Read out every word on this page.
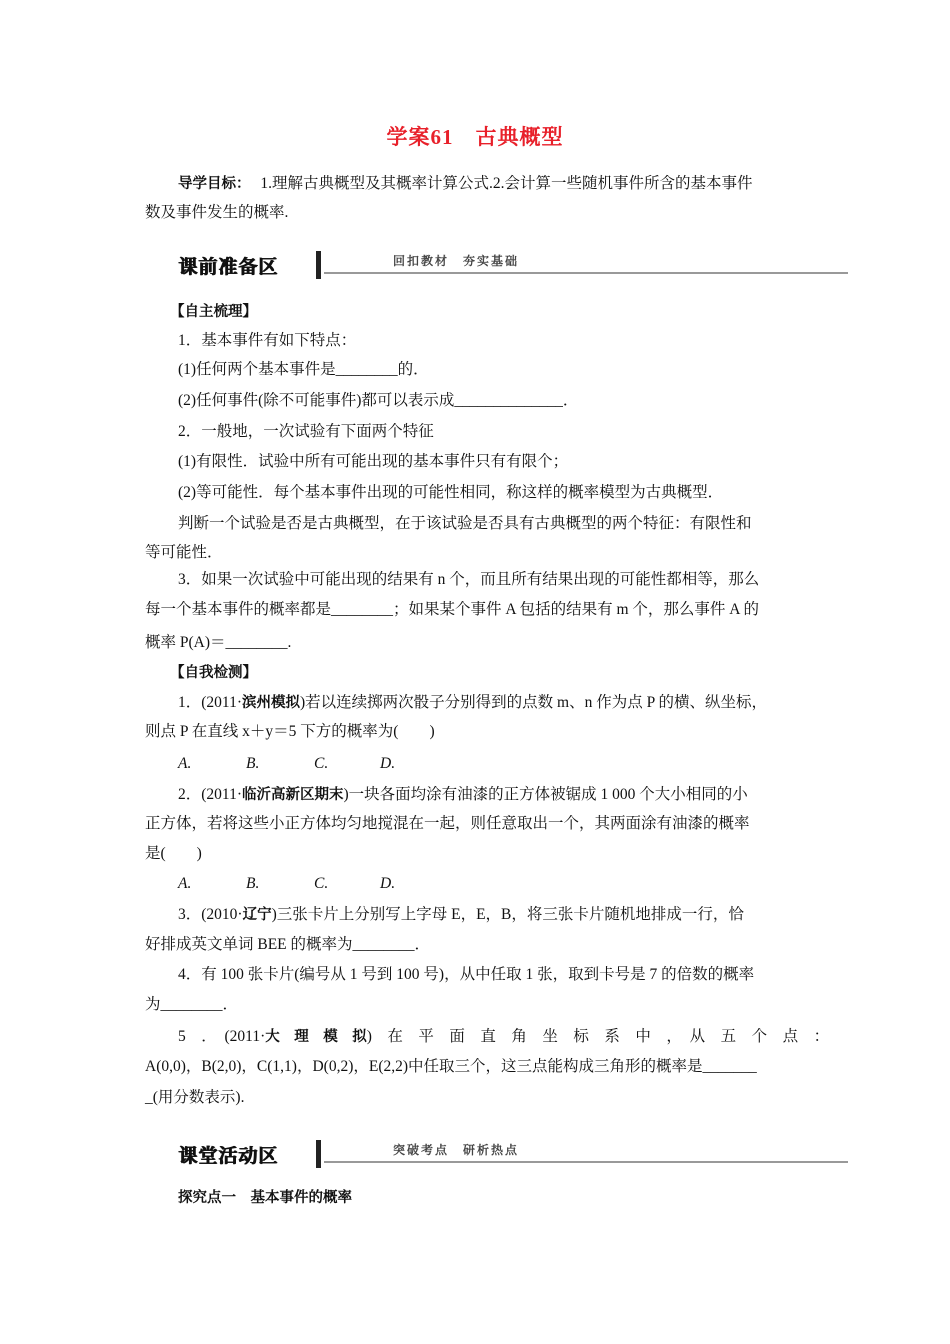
学案61　古典概型
导学目标： 1.理解古典概型及其概率计算公式.2.会计算一些随机事件所含的基本事件
数及事件发生的概率.
课前准备区	回扣教材　夯实基础
【自主梳理】
1．基本事件有如下特点：
(1)任何两个基本事件是________的．
(2)任何事件(除不可能事件)都可以表示成______________．
2．一般地，一次试验有下面两个特征
(1)有限性．试验中所有可能出现的基本事件只有有限个；
(2)等可能性．每个基本事件出现的可能性相同，称这样的概率模型为古典概型．
判断一个试验是否是古典概型，在于该试验是否具有古典概型的两个特征：有限性和
等可能性．
3．如果一次试验中可能出现的结果有 n 个，而且所有结果出现的可能性都相等，那么
每一个基本事件的概率都是________；如果某个事件 A 包括的结果有 m 个，那么事件 A 的
概率 P(A)＝________.
【自我检测】
1．(2011·滨州模拟)若以连续掷两次骰子分别得到的点数 m、n 作为点 P 的横、纵坐标，
则点 P 在直线 x＋y＝5 下方的概率为(　　)
A.	B.	C.	D.
2．(2011·临沂高新区期末)一块各面均涂有油漆的正方体被锯成 1 000 个大小相同的小
正方体，若将这些小正方体均匀地搅混在一起，则任意取出一个，其两面涂有油漆的概率
是(　　)
A.	B.	C.	D.
3．(2010·辽宁)三张卡片上分别写上字母 E，E，B，将三张卡片随机地排成一行，恰
好排成英文单词 BEE 的概率为________．
4．有 100 张卡片(编号从 1 号到 100 号)，从中任取 1 张，取到卡号是 7 的倍数的概率
为________．
5　．　(2011·大　理　模　拟)　在　平　面　直　角　坐　标　系　中　，　从　五　个　点　：
A(0,0)，B(2,0)，C(1,1)，D(0,2)，E(2,2)中任取三个，这三点能构成三角形的概率是_______
_(用分数表示).
课堂活动区	突破考点　研析热点
探究点一　基本事件的概率
